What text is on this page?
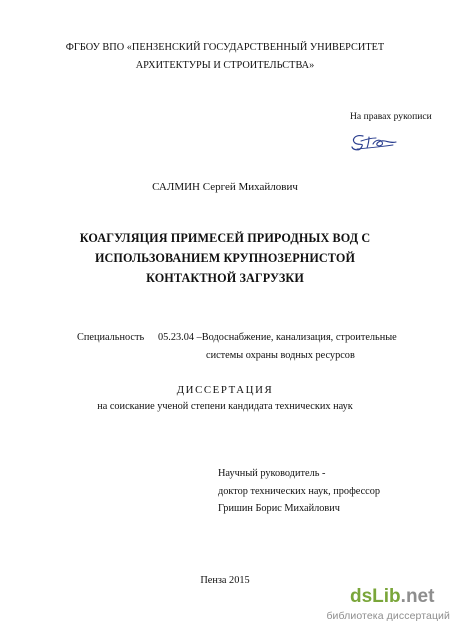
ФГБОУ ВПО «ПЕНЗЕНСКИЙ ГОСУДАРСТВЕННЫЙ УНИВЕРСИТЕТ
АРХИТЕКТУРЫ И СТРОИТЕЛЬСТВА»
На правах рукописи
САЛМИН Сергей Михайлович
КОАГУЛЯЦИЯ ПРИМЕСЕЙ ПРИРОДНЫХ ВОД С
ИСПОЛЬЗОВАНИЕМ КРУПНОЗЕРНИСТОЙ
КОНТАКТНОЙ ЗАГРУЗКИ
Специальность 05.23.04 –Водоснабжение, канализация, строительные
системы охраны водных ресурсов
ДИССЕРТАЦИЯ
на соискание ученой степени кандидата технических наук
Научный руководитель -
доктор технических наук, профессор
Гришин Борис Михайлович
Пенза 2015
dsLib.net
библиотека диссертаций
